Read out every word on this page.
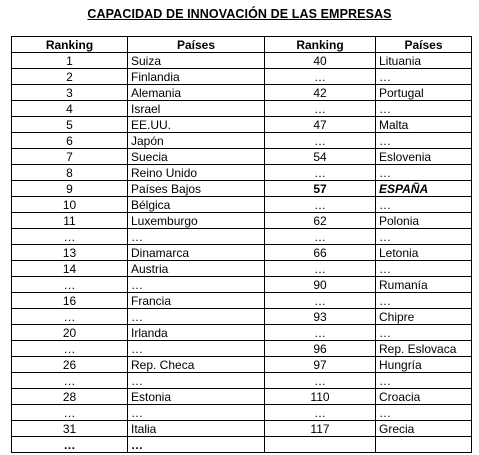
CAPACIDAD DE INNOVACIÓN DE LAS EMPRESAS
Ranking	Países	Ranking	Países
1	Suiza	40	Lituania
2	Finlandia	…	…
3	Alemania	42	Portugal
4	Israel	…	…
5	EE.UU.	47	Malta
6	Japón	…	…
7	Suecia	54	Eslovenia
8	Reino Unido	…	…
9	Países Bajos	57	ESPAÑA
10	Bélgica	…	…
11	Luxemburgo	62	Polonia
…	…	…	…
13	Dinamarca	66	Letonia
14	Austria	…	…
…	…	90	Rumanía
16	Francia	…	…
…	…	93	Chipre
20	Irlanda	…	…
…	…	96	Rep. Eslovaca
26	Rep. Checa	97	Hungría
…	…	…	…
28	Estonia	110	Croacia
…	…	…	…
31	Italia	117	Grecia
…	…		
